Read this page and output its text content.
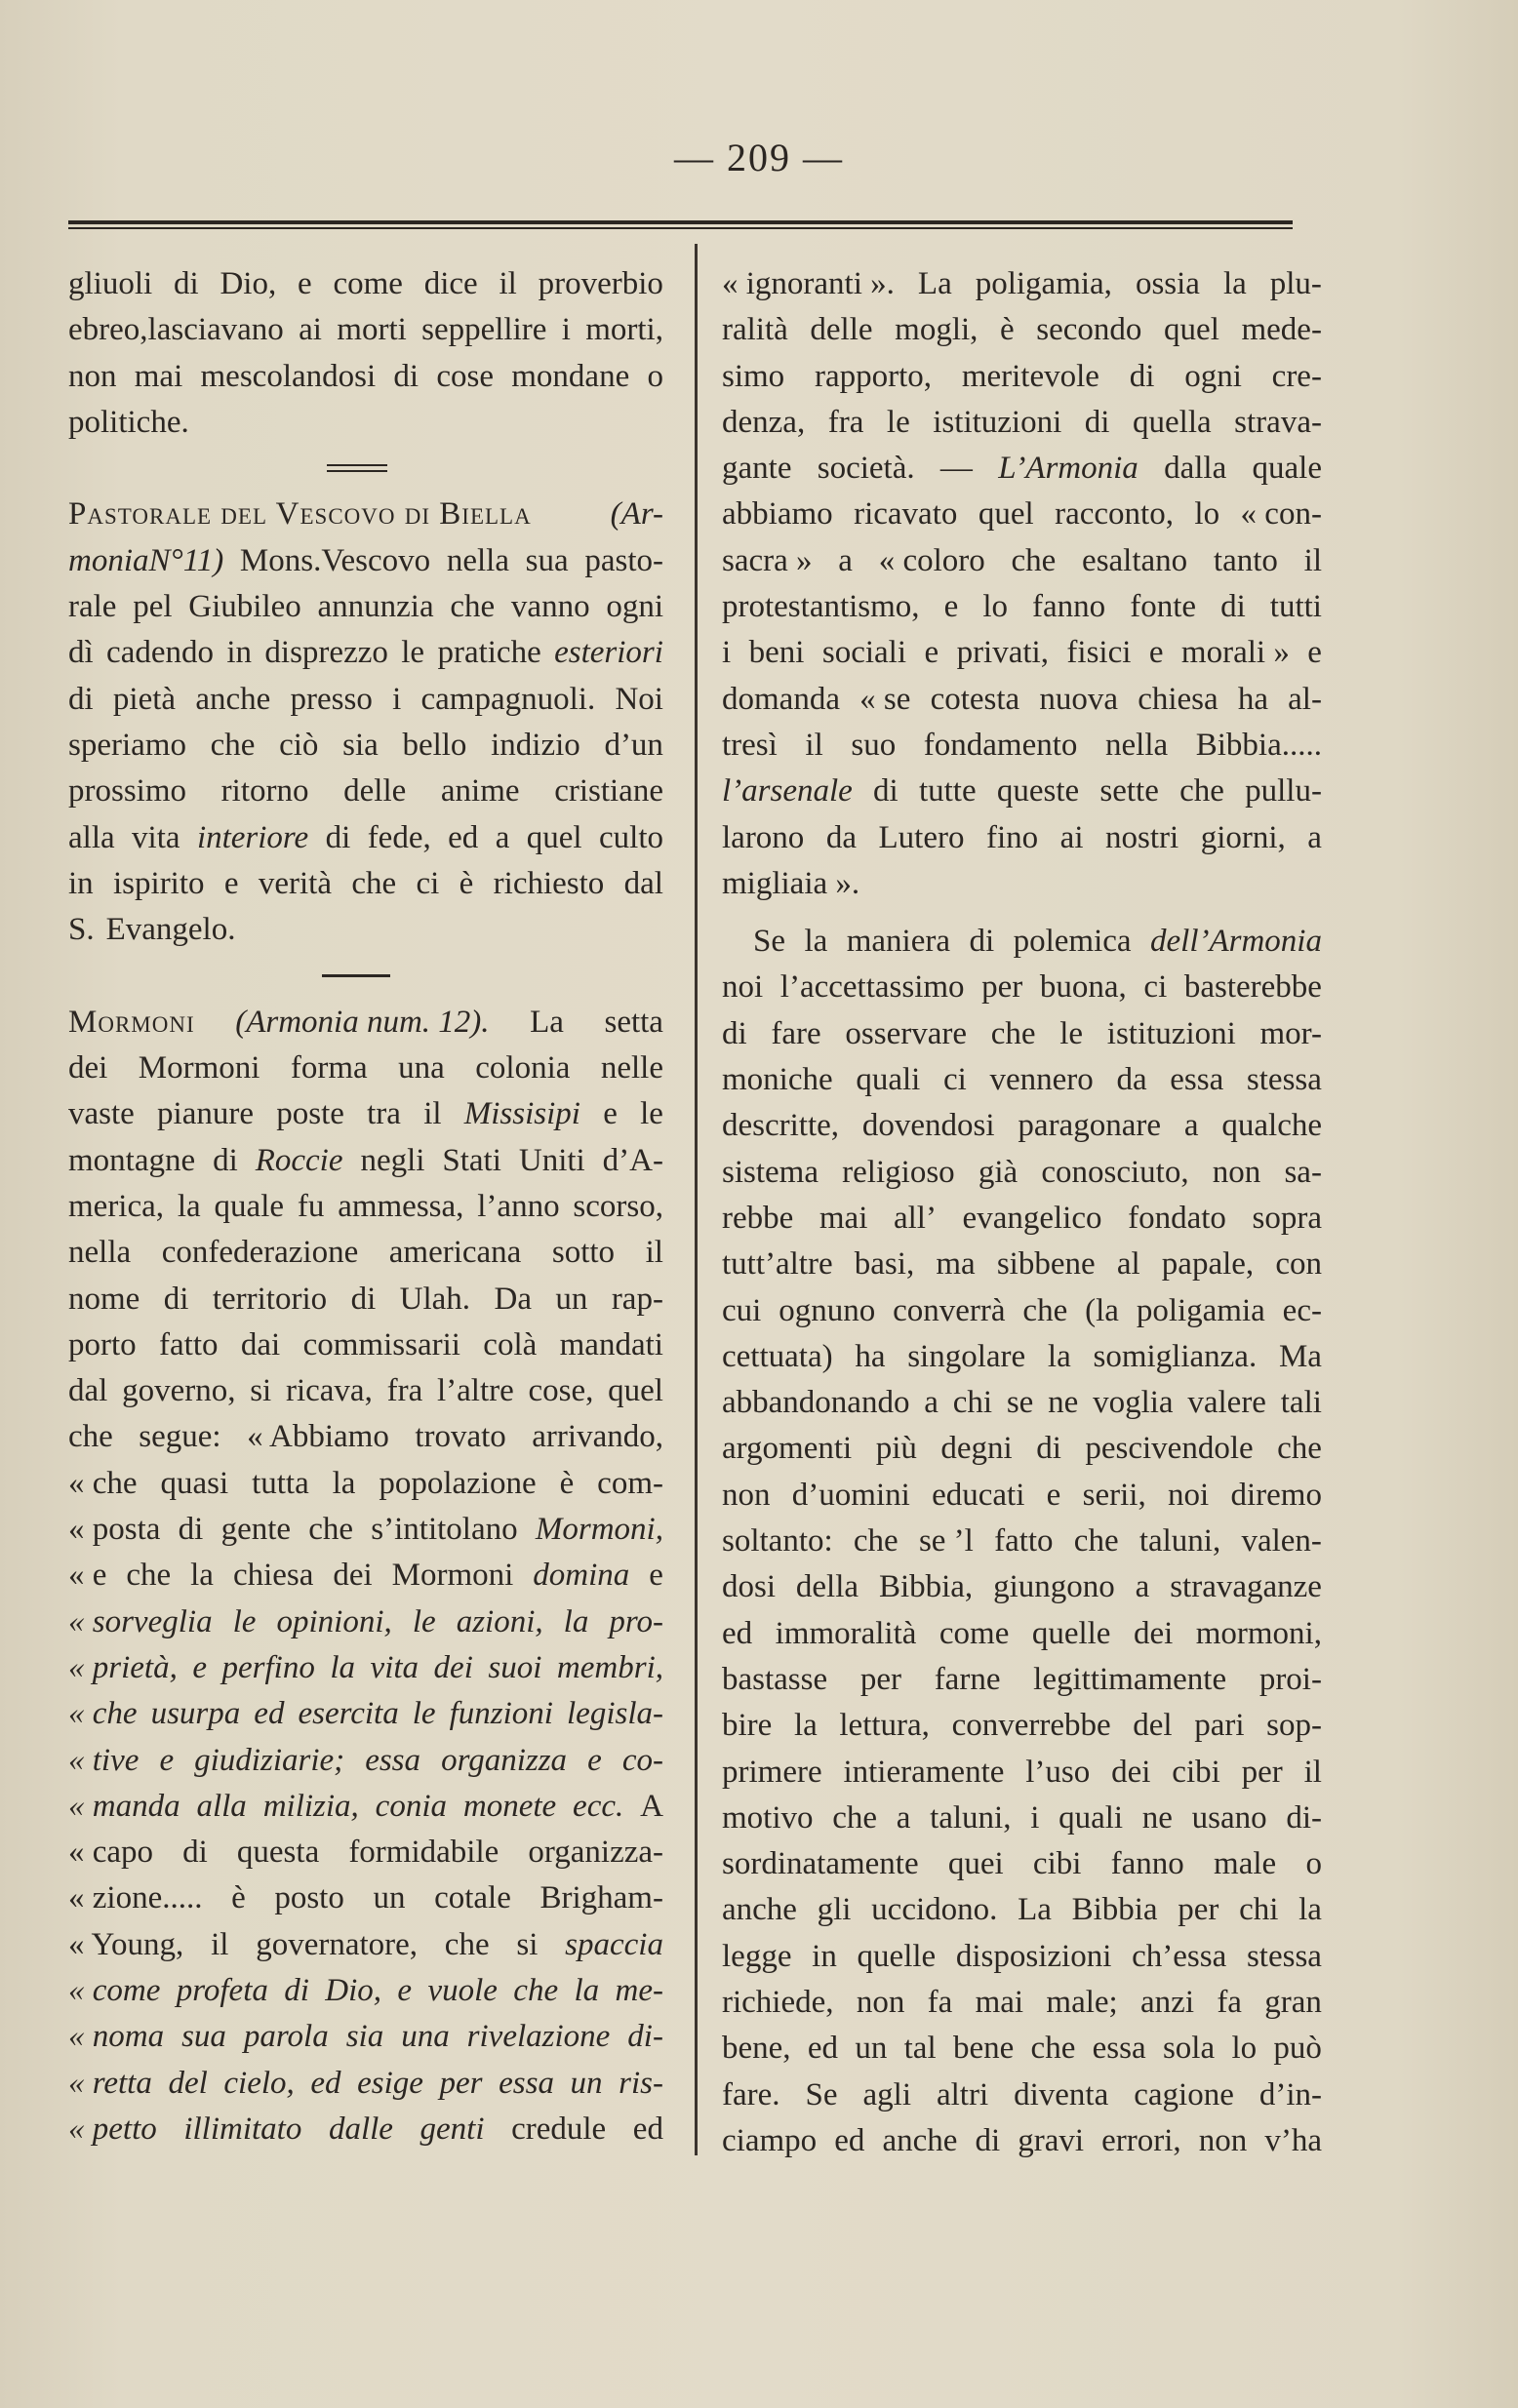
— 209 —
gliuoli di Dio, e come dice il proverbio
ebreo,lasciavano ai morti seppellire i morti,
non mai mescolandosi di cose mondane o
politiche.
Pastorale del Vescovo di Biella (Ar-
moniaN°11) Mons.Vescovo nella sua pasto-
rale pel Giubileo annunzia che vanno ogni
dì cadendo in disprezzo le pratiche esteriori
di pietà anche presso i campagnuoli. Noi
speriamo che ciò sia bello indizio d’un
prossimo ritorno delle anime cristiane
alla vita interiore di fede, ed a quel culto
in ispirito e verità che ci è richiesto dal
S. Evangelo.
Mormoni (Armonia num. 12). La setta
dei Mormoni forma una colonia nelle
vaste pianure poste tra il Missisipi e le
montagne di Roccie negli Stati Uniti d’A-
merica, la quale fu ammessa, l’anno scorso,
nella confederazione americana sotto il
nome di territorio di Ulah. Da un rap-
porto fatto dai commissarii colà mandati
dal governo, si ricava, fra l’altre cose, quel
che segue: « Abbiamo trovato arrivando,
« che quasi tutta la popolazione è com-
« posta di gente che s’intitolano Mormoni,
« e che la chiesa dei Mormoni domina e
« sorveglia le opinioni, le azioni, la pro-
« prietà, e perfino la vita dei suoi membri,
« che usurpa ed esercita le funzioni legisla-
« tive e giudiziarie; essa organizza e co-
« manda alla milizia, conia monete ecc. A
« capo di questa formidabile organizza-
« zione..... è posto un cotale Brigham-
« Young, il governatore, che si spaccia
« come profeta di Dio, e vuole che la me-
« noma sua parola sia una rivelazione di-
« retta del cielo, ed esige per essa un ris-
« petto illimitato dalle genti credule ed
« ignoranti ». La poligamia, ossia la plu-
ralità delle mogli, è secondo quel mede-
simo rapporto, meritevole di ogni cre-
denza, fra le istituzioni di quella strava-
gante società. — L’Armonia dalla quale
abbiamo ricavato quel racconto, lo « con-
sacra » a « coloro che esaltano tanto il
protestantismo, e lo fanno fonte di tutti
i beni sociali e privati, fisici e morali » e
domanda « se cotesta nuova chiesa ha al-
tresì il suo fondamento nella Bibbia.....
l’arsenale di tutte queste sette che pullu-
larono da Lutero fino ai nostri giorni, a
migliaia ».
Se la maniera di polemica dell’Armonia
noi l’accettassimo per buona, ci basterebbe
di fare osservare che le istituzioni mor-
moniche quali ci vennero da essa stessa
descritte, dovendosi paragonare a qualche
sistema religioso già conosciuto, non sa-
rebbe mai all’ evangelico fondato sopra
tutt’altre basi, ma sibbene al papale, con
cui ognuno converrà che (la poligamia ec-
cettuata) ha singolare la somiglianza. Ma
abbandonando a chi se ne voglia valere tali
argomenti più degni di pescivendole che
non d’uomini educati e serii, noi diremo
soltanto: che se ’l fatto che taluni, valen-
dosi della Bibbia, giungono a stravaganze
ed immoralità come quelle dei mormoni,
bastasse per farne legittimamente proi-
bire la lettura, converrebbe del pari sop-
primere intieramente l’uso dei cibi per il
motivo che a taluni, i quali ne usano di-
sordinatamente quei cibi fanno male o
anche gli uccidono. La Bibbia per chi la
legge in quelle disposizioni ch’essa stessa
richiede, non fa mai male; anzi fa gran
bene, ed un tal bene che essa sola lo può
fare. Se agli altri diventa cagione d’in-
ciampo ed anche di gravi errori, non v’ha
